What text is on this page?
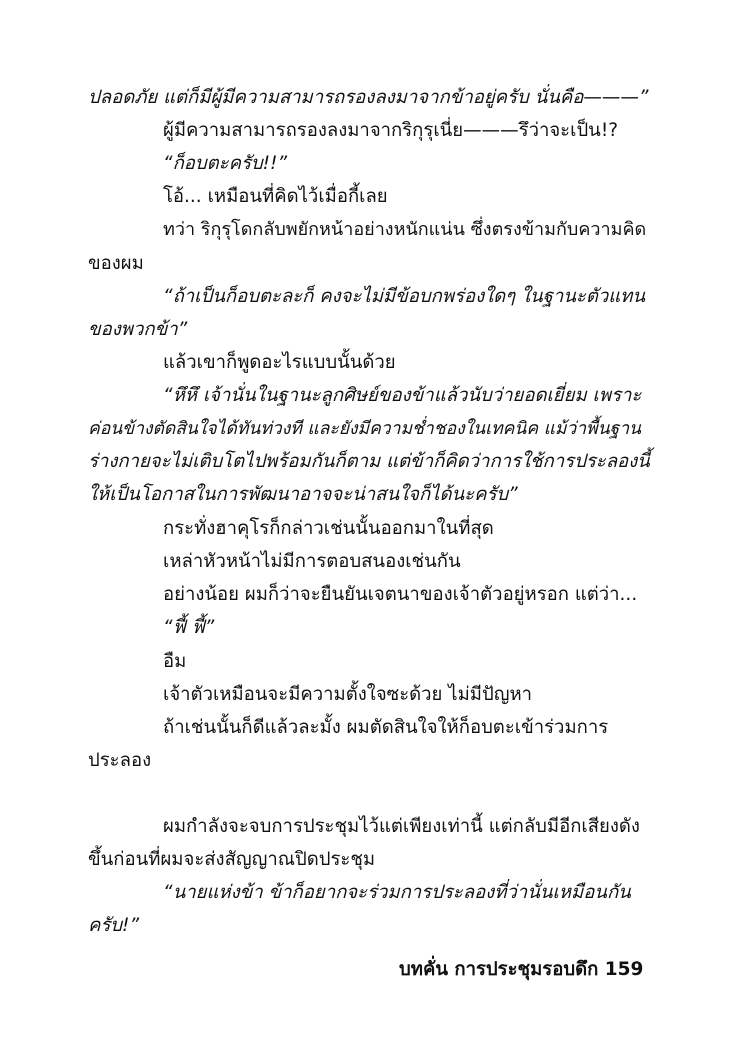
ปลอดภัย แต่ก็มีผู้มีความสามารถรองลงมาจากข้าอยู่ครับ นั่นคือ———”
ผู้มีความสามารถรองลงมาจากริกุรุเนี่ย———รึว่าจะเป็น!?
“ก็อบตะครับ!!”
โอ้... เหมือนที่คิดไว้เมื่อกี้เลย
ทว่า ริกุรุโดกลับพยักหน้าอย่างหนักแน่น ซึ่งตรงข้ามกับความคิด
ของผม
“ถ้าเป็นก็อบตะละก็ คงจะไม่มีข้อบกพร่องใดๆ ในฐานะตัวแทน
ของพวกข้า”
แล้วเขาก็พูดอะไรแบบนั้นด้วย
“หึหึ เจ้านั่นในฐานะลูกศิษย์ของข้าแล้วนับว่ายอดเยี่ยม เพราะ
ค่อนข้างตัดสินใจได้ทันท่วงที และยังมีความช่ำชองในเทคนิค แม้ว่าพื้นฐาน
ร่างกายจะไม่เติบโตไปพร้อมกันก็ตาม แต่ข้าก็คิดว่าการใช้การประลองนี้
ให้เป็นโอกาสในการพัฒนาอาจจะน่าสนใจก็ได้นะครับ”
กระทั่งฮาคุโรก็กล่าวเช่นนั้นออกมาในที่สุด
เหล่าหัวหน้าไม่มีการตอบสนองเช่นกัน
อย่างน้อย ผมก็ว่าจะยืนยันเจตนาของเจ้าตัวอยู่หรอก แต่ว่า...
“ฟี้ ฟี้”
อืม
เจ้าตัวเหมือนจะมีความตั้งใจซะด้วย ไม่มีปัญหา
ถ้าเช่นนั้นก็ดีแล้วละมั้ง ผมตัดสินใจให้ก็อบตะเข้าร่วมการ
ประลอง
ผมกำลังจะจบการประชุมไว้แต่เพียงเท่านี้ แต่กลับมีอีกเสียงดัง
ขึ้นก่อนที่ผมจะส่งสัญญาณปิดประชุม
“นายแห่งข้า ข้าก็อยากจะร่วมการประลองที่ว่านั่นเหมือนกัน
ครับ!”
บทคั่น การประชุมรอบดึก 159
